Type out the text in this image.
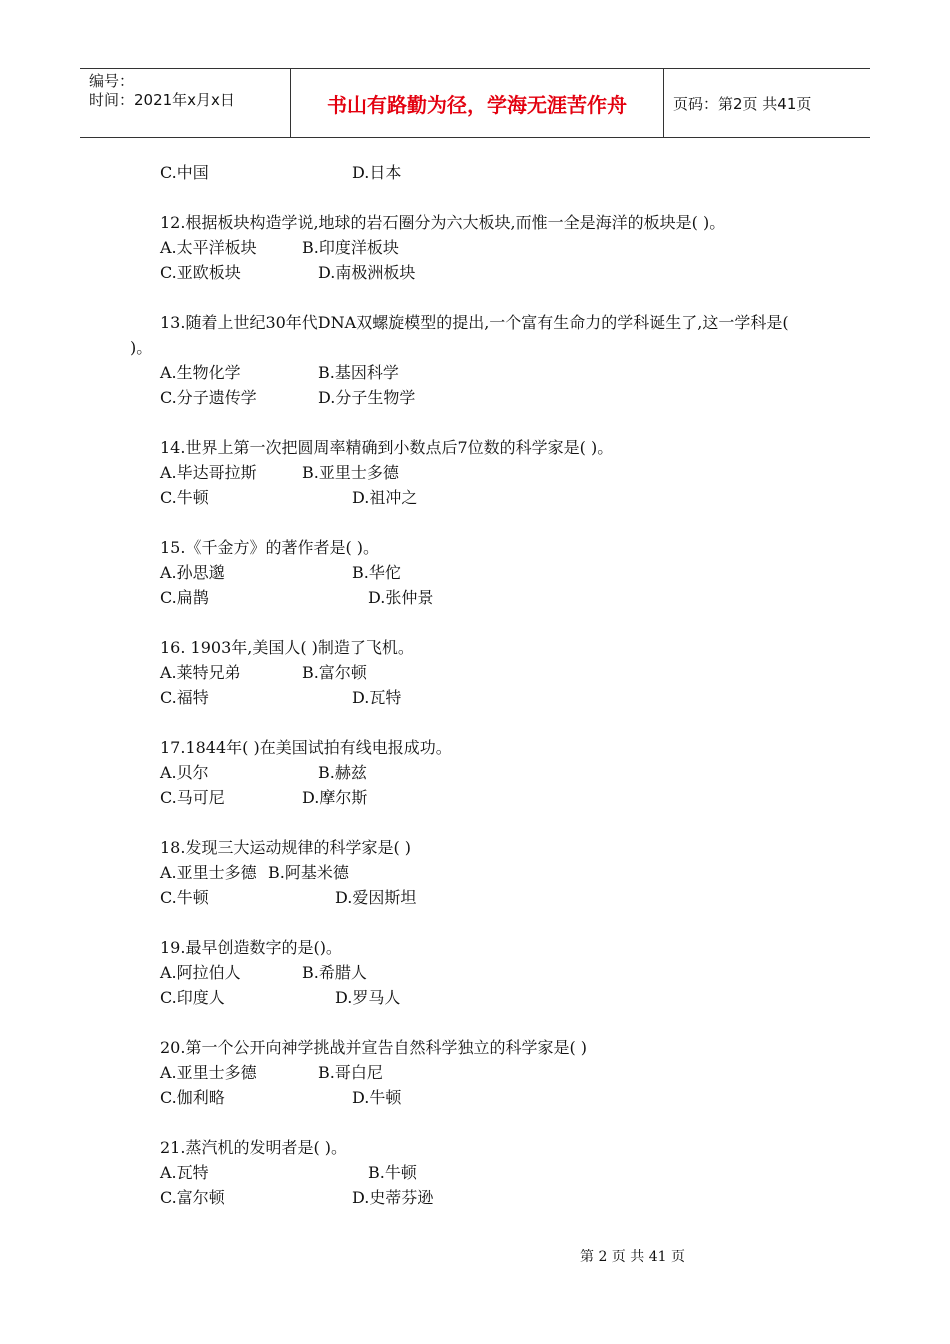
编号：
时间：2021年x月x日	书山有路勤为径，学海无涯苦作舟	页码：第2页 共41页
C.中国	D.日本
12.根据板块构造学说,地球的岩石圈分为六大板块,而惟一全是海洋的板块是( )。
A.太平洋板块	B.印度洋板块
C.亚欧板块	D.南极洲板块
13.随着上世纪30年代DNA双螺旋模型的提出,一个富有生命力的学科诞生了,这一学科是(
)。
A.生物化学	B.基因科学
C.分子遗传学	D.分子生物学
14.世界上第一次把圆周率精确到小数点后7位数的科学家是( )。
A.毕达哥拉斯	B.亚里士多德
C.牛顿	D.祖冲之
15.《千金方》的著作者是( )。
A.孙思邈	B.华佗
C.扁鹊	D.张仲景
16. 1903年,美国人( )制造了飞机。
A.莱特兄弟	B.富尔顿
C.福特	D.瓦特
17.1844年( )在美国试拍有线电报成功。
A.贝尔	B.赫兹
C.马可尼	D.摩尔斯
18.发现三大运动规律的科学家是( )
A.亚里士多德 B.阿基米德
C.牛顿	D.爱因斯坦
19.最早创造数字的是()。
A.阿拉伯人	B.希腊人
C.印度人	D.罗马人
20.第一个公开向神学挑战并宣告自然科学独立的科学家是( )
A.亚里士多德	B.哥白尼
C.伽利略	D.牛顿
21.蒸汽机的发明者是( )。
A.瓦特	B.牛顿
C.富尔顿	D.史蒂芬逊
第 2 页 共 41 页
